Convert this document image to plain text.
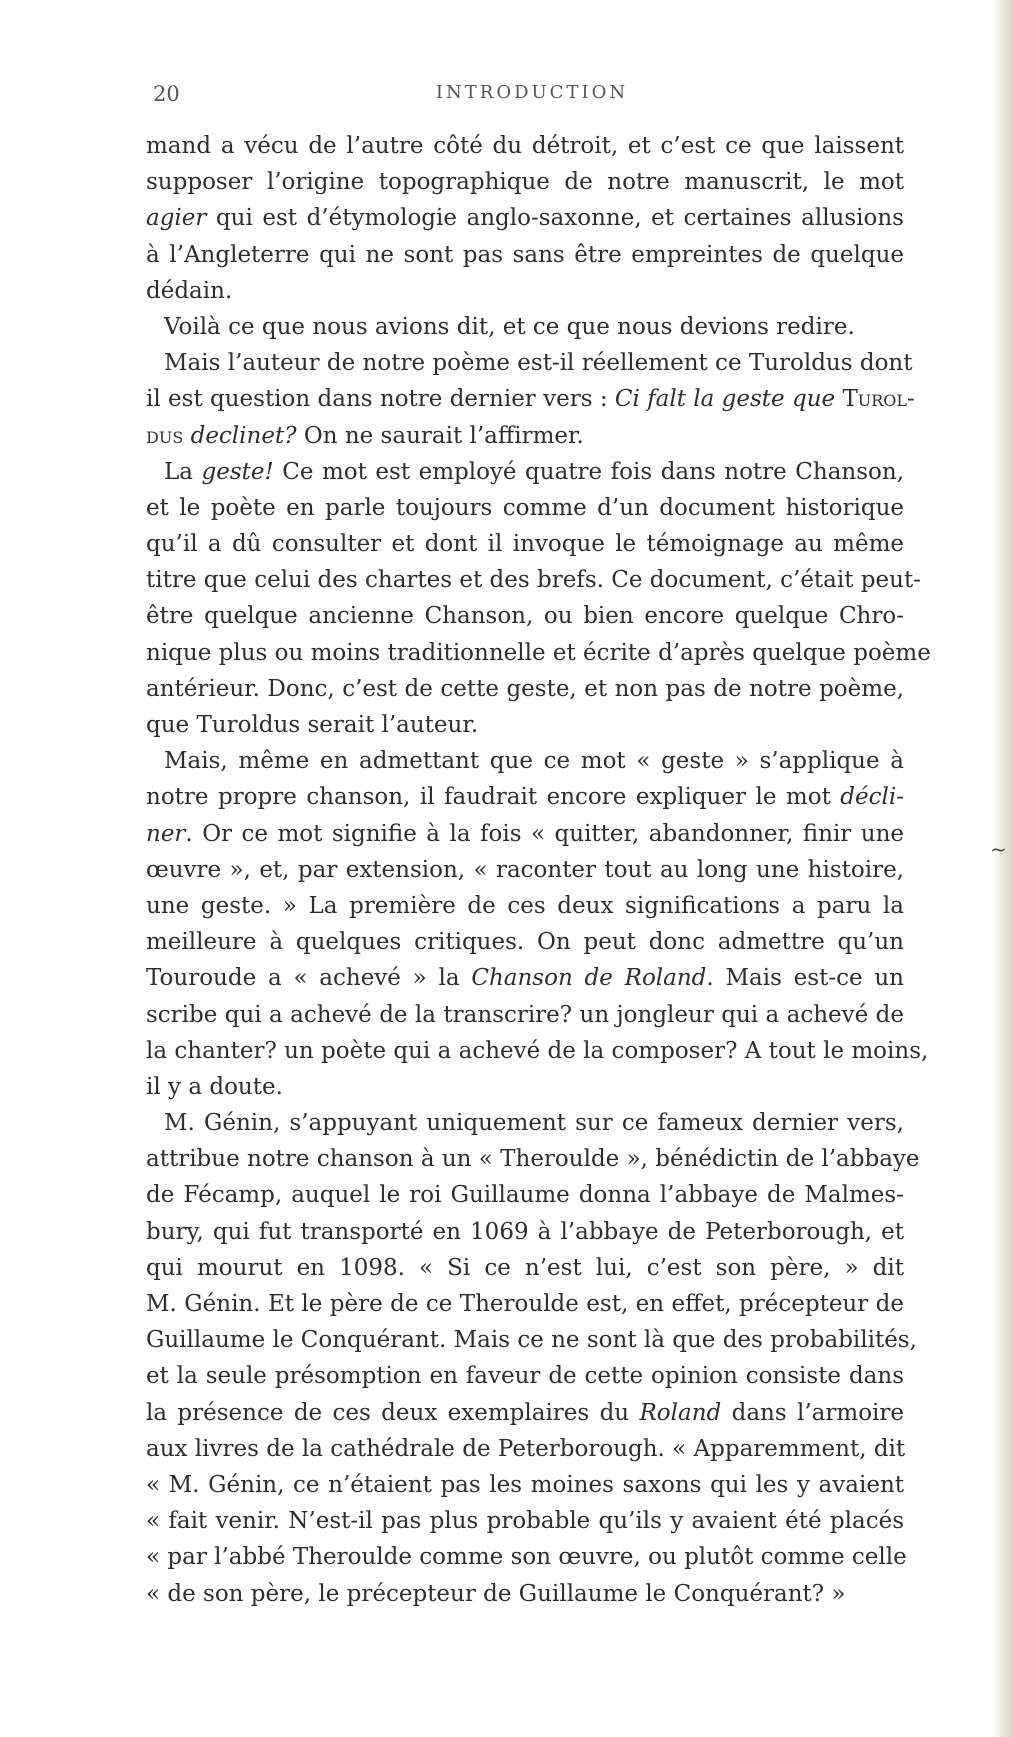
20	INTRODUCTION
mand a vécu de l’autre côté du détroit, et c’est ce que laissent
supposer l’origine topographique de notre manuscrit, le mot
agier qui est d’étymologie anglo-saxonne, et certaines allusions
à l’Angleterre qui ne sont pas sans être empreintes de quelque
dédain.
Voilà ce que nous avions dit, et ce que nous devions redire.
Mais l’auteur de notre poème est-il réellement ce Turoldus dont
il est question dans notre dernier vers : Ci falt la geste que Turol-
dus declinet? On ne saurait l’affirmer.
La geste! Ce mot est employé quatre fois dans notre Chanson,
et le poète en parle toujours comme d’un document historique
qu’il a dû consulter et dont il invoque le témoignage au même
titre que celui des chartes et des brefs. Ce document, c’était peut-
être quelque ancienne Chanson, ou bien encore quelque Chro-
nique plus ou moins traditionnelle et écrite d’après quelque poème
antérieur. Donc, c’est de cette geste, et non pas de notre poème,
que Turoldus serait l’auteur.
Mais, même en admettant que ce mot « geste » s’applique à
notre propre chanson, il faudrait encore expliquer le mot décli-
ner. Or ce mot signifie à la fois « quitter, abandonner, finir une
œuvre », et, par extension, « raconter tout au long une histoire,
une geste. » La première de ces deux significations a paru la
meilleure à quelques critiques. On peut donc admettre qu’un
Touroude a « achevé » la Chanson de Roland. Mais est-ce un
scribe qui a achevé de la transcrire? un jongleur qui a achevé de
la chanter? un poète qui a achevé de la composer? A tout le moins,
il y a doute.
M. Génin, s’appuyant uniquement sur ce fameux dernier vers,
attribue notre chanson à un « Theroulde », bénédictin de l’abbaye
de Fécamp, auquel le roi Guillaume donna l’abbaye de Malmes-
bury, qui fut transporté en 1069 à l’abbaye de Peterborough, et
qui mourut en 1098. « Si ce n’est lui, c’est son père, » dit
M. Génin. Et le père de ce Theroulde est, en effet, précepteur de
Guillaume le Conquérant. Mais ce ne sont là que des probabilités,
et la seule présomption en faveur de cette opinion consiste dans
la présence de ces deux exemplaires du Roland dans l’armoire
aux livres de la cathédrale de Peterborough. « Apparemment, dit
« M. Génin, ce n’étaient pas les moines saxons qui les y avaient
« fait venir. N’est-il pas plus probable qu’ils y avaient été placés
« par l’abbé Theroulde comme son œuvre, ou plutôt comme celle
« de son père, le précepteur de Guillaume le Conquérant? »
~
